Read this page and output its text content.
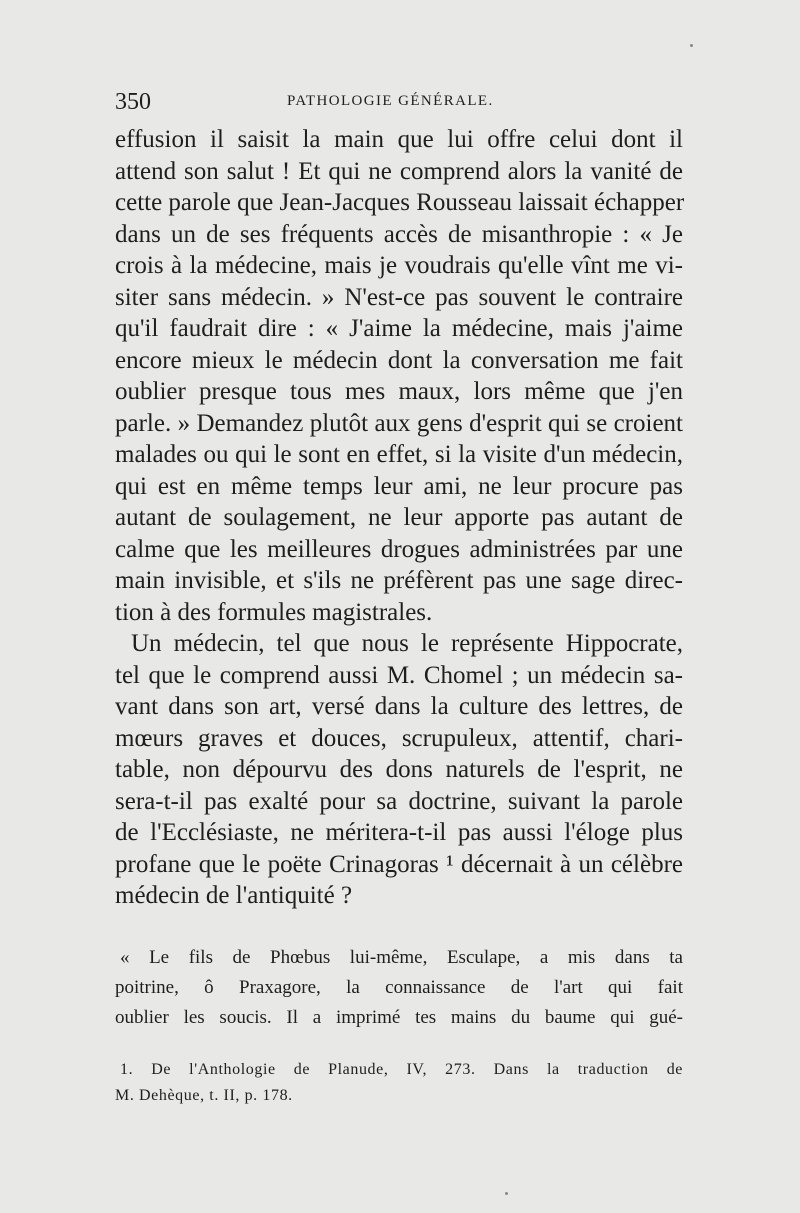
350	PATHOLOGIE GÉNÉRALE.
effusion il saisit la main que lui offre celui dont il
attend son salut ! Et qui ne comprend alors la vanité de
cette parole que Jean-Jacques Rousseau laissait échapper
dans un de ses fréquents accès de misanthropie : « Je
crois à la médecine, mais je voudrais qu'elle vînt me vi-
siter sans médecin. » N'est-ce pas souvent le contraire
qu'il faudrait dire : « J'aime la médecine, mais j'aime
encore mieux le médecin dont la conversation me fait
oublier presque tous mes maux, lors même que j'en
parle. » Demandez plutôt aux gens d'esprit qui se croient
malades ou qui le sont en effet, si la visite d'un médecin,
qui est en même temps leur ami, ne leur procure pas
autant de soulagement, ne leur apporte pas autant de
calme que les meilleures drogues administrées par une
main invisible, et s'ils ne préfèrent pas une sage direc-
tion à des formules magistrales.
Un médecin, tel que nous le représente Hippocrate,
tel que le comprend aussi M. Chomel ; un médecin sa-
vant dans son art, versé dans la culture des lettres, de
mœurs graves et douces, scrupuleux, attentif, chari-
table, non dépourvu des dons naturels de l'esprit, ne
sera-t-il pas exalté pour sa doctrine, suivant la parole
de l'Ecclésiaste, ne méritera-t-il pas aussi l'éloge plus
profane que le poëte Crinagoras ¹ décernait à un célèbre
médecin de l'antiquité ?
« Le fils de Phœbus lui-même, Esculape, a mis dans ta
poitrine, ô Praxagore, la connaissance de l'art qui fait
oublier les soucis. Il a imprimé tes mains du baume qui gué-
1. De l'Anthologie de Planude, IV, 273. Dans la traduction de
M. Dehèque, t. II, p. 178.
